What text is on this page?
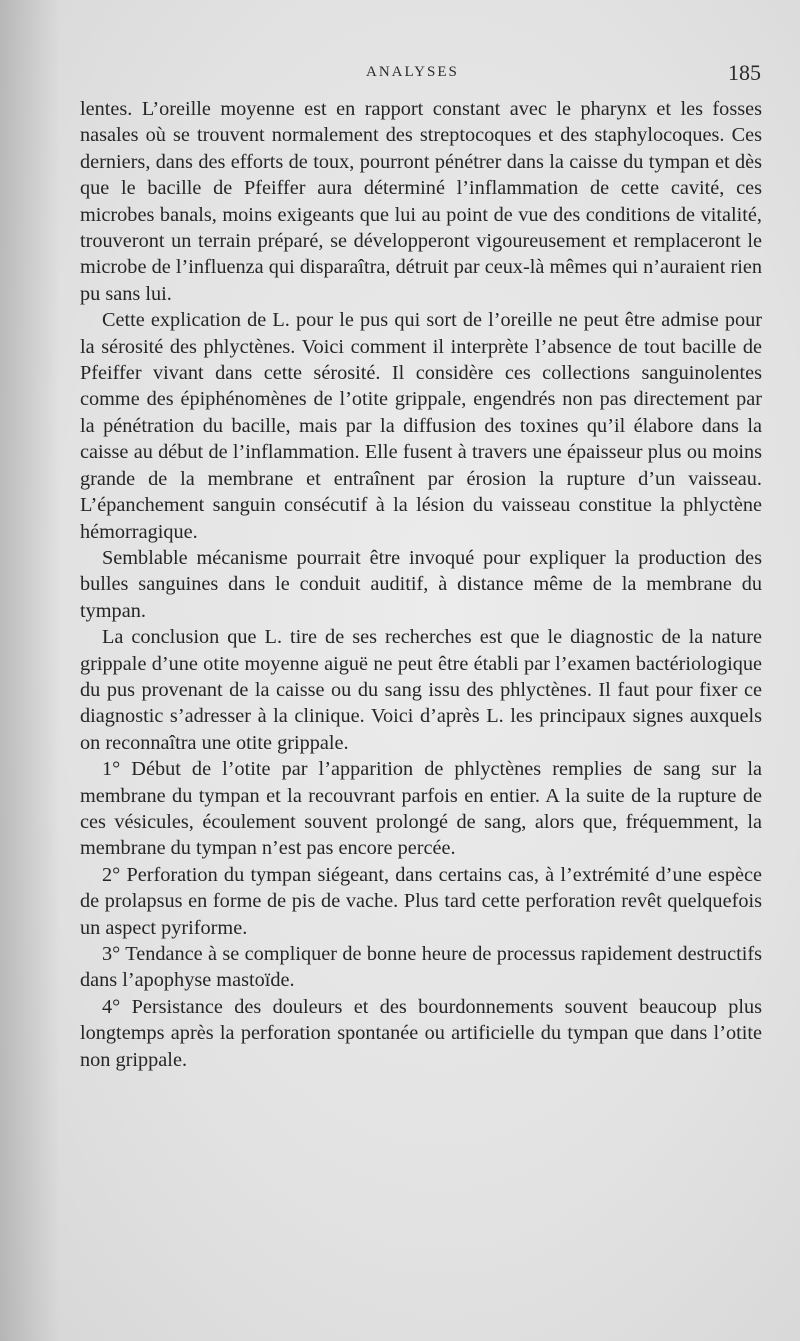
ANALYSES	185

lentes. L’oreille moyenne est en rapport constant avec le pharynx et les fosses nasales où se trouvent normalement des streptocoques et des staphylocoques. Ces derniers, dans des efforts de toux, pourront pénétrer dans la caisse du tympan et dès que le bacille de Pfeiffer aura déterminé l’inflammation de cette cavité, ces microbes banals, moins exigeants que lui au point de vue des conditions de vitalité, trouveront un terrain préparé, se développeront vigoureusement et remplaceront le microbe de l’influenza qui disparaîtra, détruit par ceux-là mêmes qui n’auraient rien pu sans lui.

Cette explication de L. pour le pus qui sort de l’oreille ne peut être admise pour la sérosité des phlyctènes. Voici comment il interprète l’absence de tout bacille de Pfeiffer vivant dans cette sérosité. Il considère ces collections sanguinolentes comme des épiphénomènes de l’otite grippale, engendrés non pas directement par la pénétration du bacille, mais par la diffusion des toxines qu’il élabore dans la caisse au début de l’inflammation. Elle fusent à travers une épaisseur plus ou moins grande de la membrane et entraînent par érosion la rupture d’un vaisseau. L’épanchement sanguin consécutif à la lésion du vaisseau constitue la phlyctène hémorragique.

Semblable mécanisme pourrait être invoqué pour expliquer la production des bulles sanguines dans le conduit auditif, à distance même de la membrane du tympan.

La conclusion que L. tire de ses recherches est que le diagnostic de la nature grippale d’une otite moyenne aiguë ne peut être établi par l’examen bactériologique du pus provenant de la caisse ou du sang issu des phlyctènes. Il faut pour fixer ce diagnostic s’adresser à la clinique. Voici d’après L. les principaux signes auxquels on reconnaîtra une otite grippale.

1° Début de l’otite par l’apparition de phlyctènes remplies de sang sur la membrane du tympan et la recouvrant parfois en entier. A la suite de la rupture de ces vésicules, écoulement souvent prolongé de sang, alors que, fréquemment, la membrane du tympan n’est pas encore percée.

2° Perforation du tympan siégeant, dans certains cas, à l’extrémité d’une espèce de prolapsus en forme de pis de vache. Plus tard cette perforation revêt quelquefois un aspect pyriforme.

3° Tendance à se compliquer de bonne heure de processus rapidement destructifs dans l’apophyse mastoïde.

4° Persistance des douleurs et des bourdonnements souvent beaucoup plus longtemps après la perforation spontanée ou artificielle du tympan que dans l’otite non grippale.
